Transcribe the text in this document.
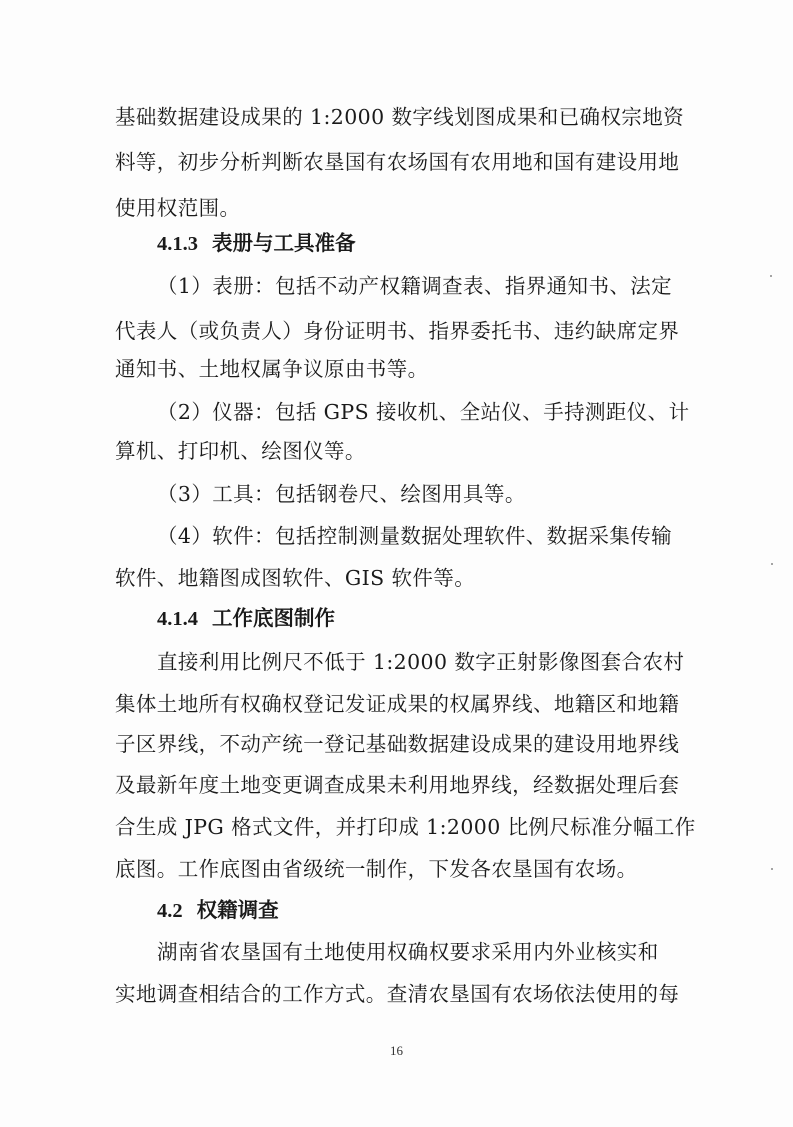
基础数据建设成果的 1:2000 数字线划图成果和已确权宗地资
料等，初步分析判断农垦国有农场国有农用地和国有建设用地
使用权范围。
4.1.3 表册与工具准备
（1）表册：包括不动产权籍调查表、指界通知书、法定
代表人（或负责人）身份证明书、指界委托书、违约缺席定界
通知书、土地权属争议原由书等。
（2）仪器：包括 GPS 接收机、全站仪、手持测距仪、计
算机、打印机、绘图仪等。
（3）工具：包括钢卷尺、绘图用具等。
（4）软件：包括控制测量数据处理软件、数据采集传输
软件、地籍图成图软件、GIS 软件等。
4.1.4 工作底图制作
直接利用比例尺不低于 1:2000 数字正射影像图套合农村
集体土地所有权确权登记发证成果的权属界线、地籍区和地籍
子区界线，不动产统一登记基础数据建设成果的建设用地界线
及最新年度土地变更调查成果未利用地界线，经数据处理后套
合生成 JPG 格式文件，并打印成 1:2000 比例尺标准分幅工作
底图。工作底图由省级统一制作，下发各农垦国有农场。
4.2 权籍调查
湖南省农垦国有土地使用权确权要求采用内外业核实和
实地调查相结合的工作方式。查清农垦国有农场依法使用的每
16
